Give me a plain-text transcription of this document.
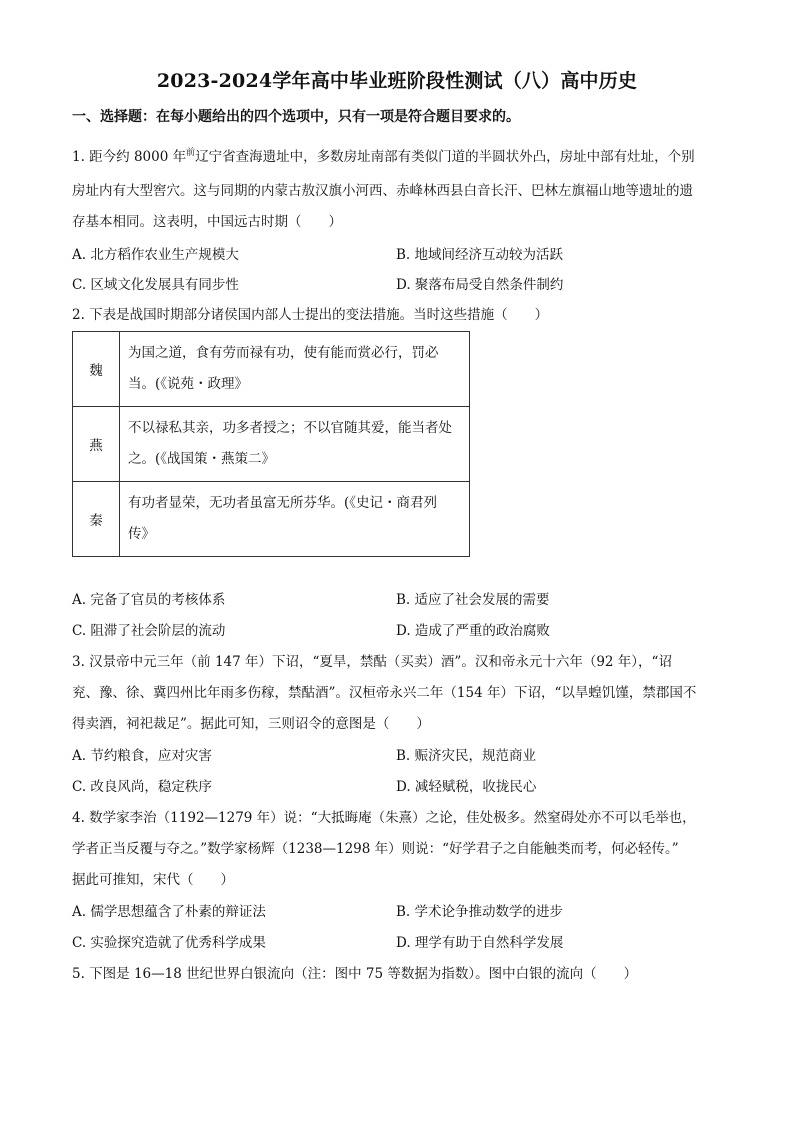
2023-2024学年高中毕业班阶段性测试（八）高中历史
一、选择题：在每小题给出的四个选项中，只有一项是符合题目要求的。
1. 距今约 8000 年$^前$辽宁省查海遗址中，多数房址南部有类似门道的半圆状外凸，房址中部有灶址，个别
房址内有大型窖穴。这与同期的内蒙古敖汉旗小河西、赤峰林西县白音长汗、巴林左旗福山地等遗址的遗
存基本相同。这表明，中国远古时期（　　）
A. 北方稻作农业生产规模大	B. 地域间经济互动较为活跃
C. 区域文化发展具有同步性	D. 聚落布局受自然条件制约
2. 下表是战国时期部分诸侯国内部人士提出的变法措施。当时这些措施（　　）
魏	为国之道，食有劳而禄有功，使有能而赏必行，罚必
当。(《说苑・政理》

燕	不以禄私其亲，功多者授之；不以官随其爱，能当者处
之。(《战国策・燕策二》

秦	有功者显荣，无功者虽富无所芬华。(《史记・商君列
传》
A. 完备了官员的考核体系	B. 适应了社会发展的需要
C. 阻滞了社会阶层的流动	D. 造成了严重的政治腐败
3. 汉景帝中元三年（前 147 年）下诏，“夏旱，禁酤（买卖）酒”。汉和帝永元十六年（92 年），“诏
兖、豫、徐、冀四州比年雨多伤稼，禁酤酒”。汉桓帝永兴二年（154 年）下诏，“以旱蝗饥馑，禁郡国不
得卖酒，祠祀裁足”。据此可知，三则诏令的意图是（　　）
A. 节约粮食，应对灾害	B. 赈济灾民，规范商业
C. 改良风尚，稳定秩序	D. 减轻赋税，收拢民心
4. 数学家李治（1192—1279 年）说：“大抵晦庵（朱熹）之论，佳处极多。然窒碍处亦不可以毛举也，
学者正当反覆与夺之。”数学家杨辉（1238—1298 年）则说：“好学君子之自能触类而考，何必轻传。”
据此可推知，宋代（　　）
A. 儒学思想蕴含了朴素的辩证法	B. 学术论争推动数学的进步
C. 实验探究造就了优秀科学成果	D. 理学有助于自然科学发展
5. 下图是 16—18 世纪世界白银流向（注：图中 75 等数据为指数）。图中白银的流向（　　）
